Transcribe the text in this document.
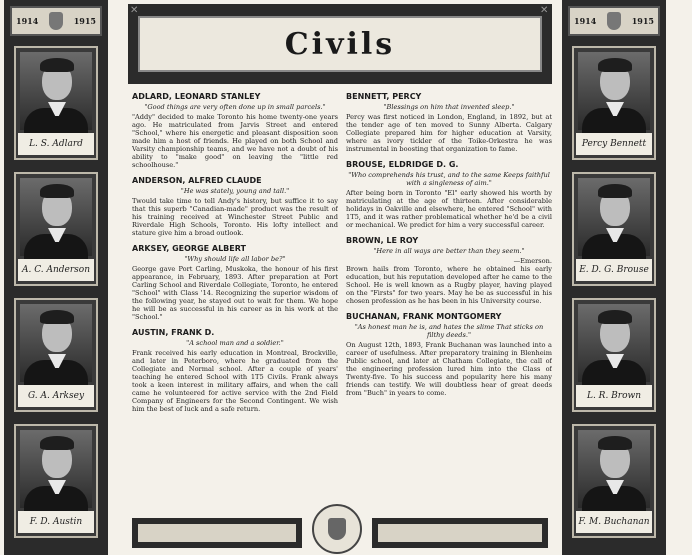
1914	1915
L. S. Adlard
A. C. Anderson
G. A. Arksey
F. D. Austin
1914	1915
Percy Bennett
E. D. G. Brouse
L. R. Brown
F. M. Buchanan
✕	✕
Civils
ADLARD, LEONARD STANLEY
"Good things are very often done up in small parcels."
"Addy" decided to make Toronto his home twenty-one years ago. He matriculated from Jarvis Street and entered "School," where his energetic and pleasant disposition soon made him a host of friends. He played on both School and Varsity championship teams, and we have not a doubt of his ability to "make good" on leaving the "little red schoolhouse."
ANDERSON, ALFRED CLAUDE
"He was stately, young and tall."
Twould take time to tell Andy's history, but suffice it to say that this superb "Canadian-made" product was the result of his training received at Winchester Street Public and Riverdale High Schools, Toronto. His lofty intellect and stature give him a broad outlook.
ARKSEY, GEORGE ALBERT
"Why should life all labor be?"
George gave Port Carling, Muskoka, the honour of his first appearance, in February, 1893. After preparation at Port Carling School and Riverdale Collegiate, Toronto, he entered "School" with Class '14. Recognizing the superior wisdom of the following year, he stayed out to wait for them. We hope he will be as successful in his career as in his work at the "School."
AUSTIN, FRANK D.
"A school man and a soldier."
Frank received his early education in Montreal, Brockville, and later in Peterboro, where he graduated from the Collegiate and Normal school. After a couple of years' teaching he entered School with 1T5 Civils. Frank always took a keen interest in military affairs, and when the call came he volunteered for active service with the 2nd Field Company of Engineers for the Second Contingent. We wish him the best of luck and a safe return.
BENNETT, PERCY
"Blessings on him that invented sleep."
Percy was first noticed in London, England, in 1892, but at the tender age of ten moved to Sunny Alberta. Calgary Collegiate prepared him for higher education at Varsity, where as ivory tickler of the Toike-Orkestra he was instrumental in boosting that organization to fame.
BROUSE, ELDRIDGE D. G.
"Who comprehends his trust, and to the same Keeps faithful with a singleness of aim."
After being born in Toronto "El" early showed his worth by matriculating at the age of thirteen. After considerable holidays in Oakville and elsewhere, he entered "School" with 1T5, and it was rather problematical whether he'd be a civil or mechanical. We predict for him a very successful career.
BROWN, LE ROY
"Here in all ways are better than they seem."
—Emerson.
Brown hails from Toronto, where he obtained his early education, but his reputation developed after he came to the School. He is well known as a Rugby player, having played on the "Firsts" for two years. May he be as successful in his chosen profession as he has been in his University course.
BUCHANAN, FRANK MONTGOMERY
"As honest man he is, and hates the slime That sticks on filthy deeds."
On August 12th, 1893, Frank Buchanan was launched into a career of usefulness. After preparatory training in Blenheim Public school, and later at Chatham Collegiate, the call of the engineering profession lured him into the Class of Twenty-five. To his success and popularity here his many friends can testify. We will doubtless hear of great deeds from "Buch" in years to come.
